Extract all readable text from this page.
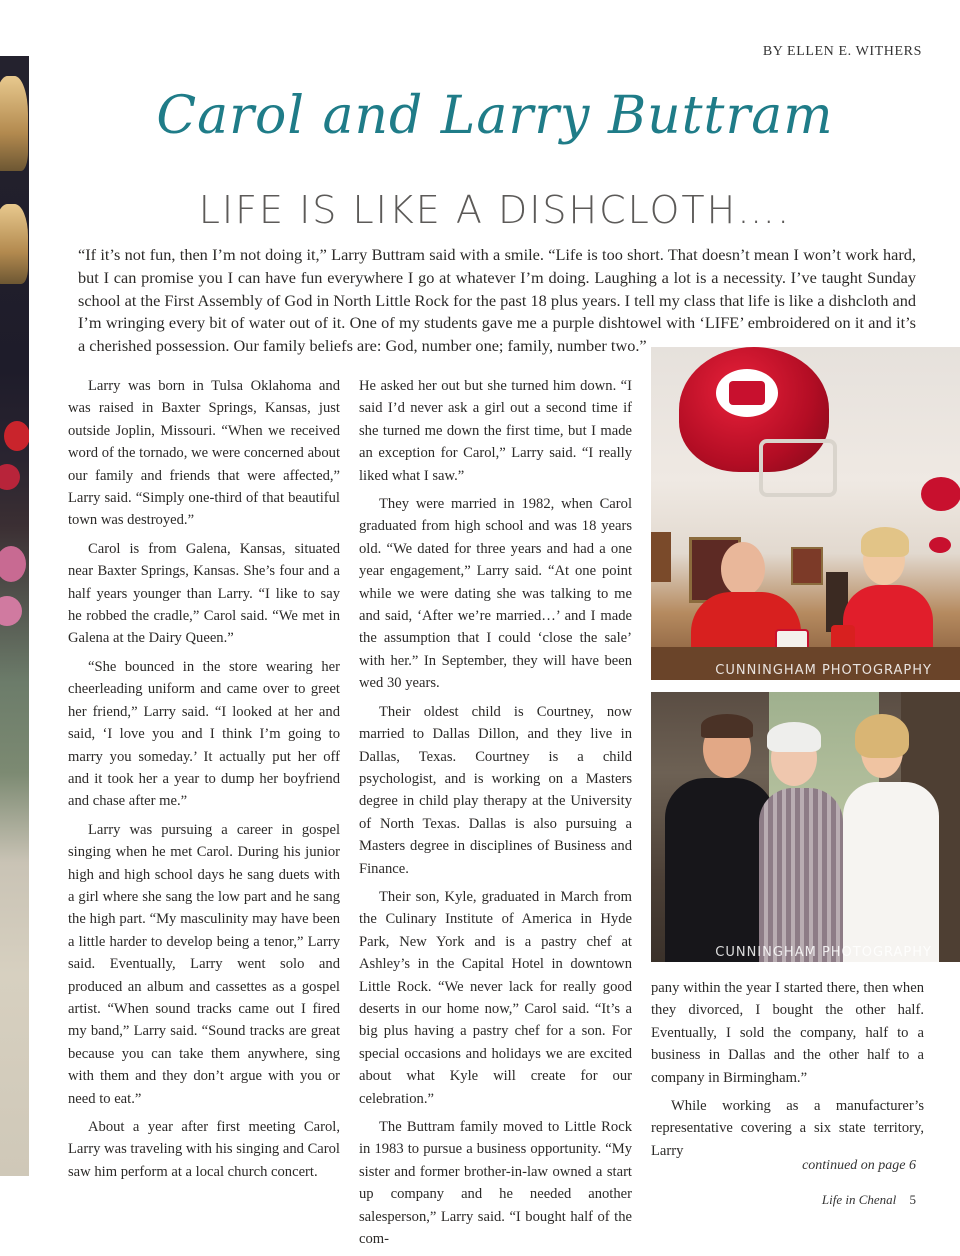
BY ELLEN E. WITHERS
Carol and Larry Buttram
LIFE IS LIKE A DISHCLOTH….
“If it’s not fun, then I’m not doing it,” Larry Buttram said with a smile. “Life is too short. That doesn’t mean I won’t work hard, but I can promise you I can have fun everywhere I go at whatever I’m doing. Laughing a lot is a necessity. I’ve taught Sunday school at the First Assembly of God in North Little Rock for the past 18 plus years. I tell my class that life is like a dishcloth and I’m wringing every bit of water out of it. One of my students gave me a purple dishtowel with ‘LIFE’ embroidered on it and it’s a cherished possession. Our family beliefs are: God, number one; family, number two.”

Larry was born in Tulsa Oklahoma and was raised in Baxter Springs, Kansas, just outside Joplin, Missouri. “When we received word of the tornado, we were concerned about our family and friends that were affected,” Larry said. “Simply one-third of that beautiful town was destroyed.”

Carol is from Galena, Kansas, situated near Baxter Springs, Kansas. She’s four and a half years younger than Larry. “I like to say he robbed the cradle,” Carol said. “We met in Galena at the Dairy Queen.”

“She bounced in the store wearing her cheerleading uniform and came over to greet her friend,” Larry said. “I looked at her and said, ‘I love you and I think I’m going to marry you someday.’ It actually put her off and it took her a year to dump her boyfriend and chase after me.”

Larry was pursuing a career in gospel singing when he met Carol. During his junior high and high school days he sang duets with a girl where she sang the low part and he sang the high part. “My masculinity may have been a little harder to develop being a tenor,” Larry said. Eventually, Larry went solo and produced an album and cassettes as a gospel artist. “When sound tracks came out I fired my band,” Larry said. “Sound tracks are great because you can take them anywhere, sing with them and they don’t argue with you or need to eat.”

About a year after first meeting Carol, Larry was traveling with his singing and Carol saw him perform at a local church concert.

He asked her out but she turned him down. “I said I’d never ask a girl out a second time if she turned me down the first time, but I made an exception for Carol,” Larry said. “I really liked what I saw.”

They were married in 1982, when Carol graduated from high school and was 18 years old. “We dated for three years and had a one year engagement,” Larry said. “At one point while we were dating she was talking to me and said, ‘After we’re married…’ and I made the assumption that I could ‘close the sale’ with her.” In September, they will have been wed 30 years.

Their oldest child is Courtney, now married to Dallas Dillon, and they live in Dallas, Texas. Courtney is a child psychologist, and is working on a Masters degree in child play therapy at the University of North Texas. Dallas is also pursuing a Masters degree in disciplines of Business and Finance.

Their son, Kyle, graduated in March from the Culinary Institute of America in Hyde Park, New York and is a pastry chef at Ashley’s in the Capital Hotel in downtown Little Rock. “We never lack for really good deserts in our home now,” Carol said. “It’s a big plus having a pastry chef for a son. For special occasions and holidays we are excited about what Kyle will create for our celebration.”

The Buttram family moved to Little Rock in 1983 to pursue a business opportunity. “My sister and former brother-in-law owned a start up company and he needed another salesperson,” Larry said. “I bought half of the com-

CUNNINGHAM PHOTOGRAPHY
CUNNINGHAM PHOTOGRAPHY

pany within the year I started there, then when they divorced, I bought the other half. Eventually, I sold the company, half to a business in Dallas and the other half to a company in Birmingham.”

While working as a manufacturer’s representative covering a six state territory, Larry

continued on page 6
Life in Chenal 5
